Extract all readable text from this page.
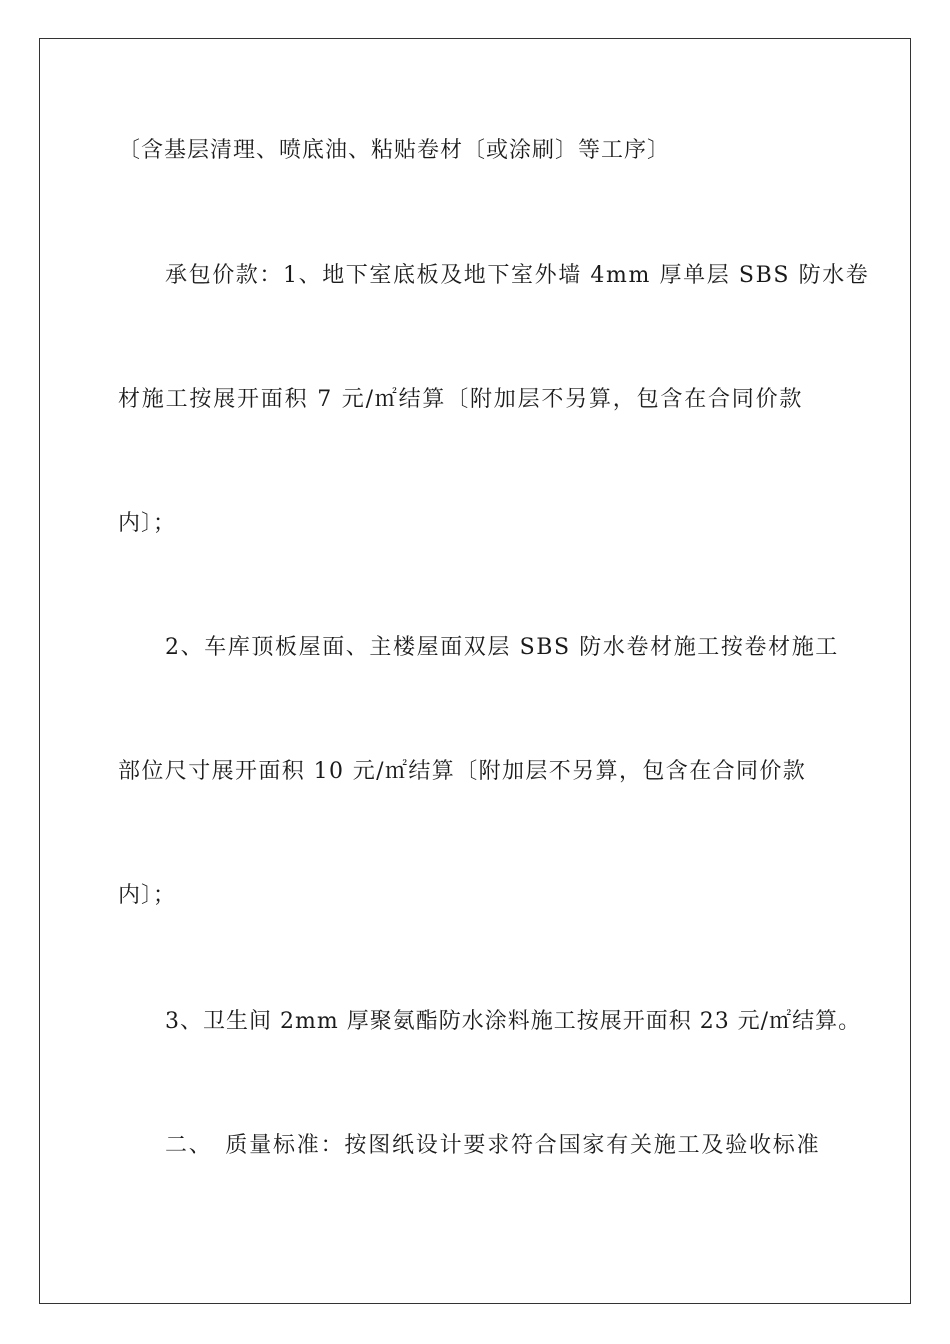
〔含基层清理、喷底油、粘贴卷材〔或涂刷〕等工序〕
承包价款：1、地下室底板及地下室外墙 4mm 厚单层 SBS 防水卷
材施工按展开面积 7 元/㎡结算〔附加层不另算，包含在合同价款
内〕；
2、车库顶板屋面、主楼屋面双层 SBS 防水卷材施工按卷材施工
部位尺寸展开面积 10 元/㎡结算〔附加层不另算，包含在合同价款
内〕；
3、卫生间 2mm 厚聚氨酯防水涂料施工按展开面积 23 元/㎡结算。
二、　质量标准：按图纸设计要求符合国家有关施工及验收标准
